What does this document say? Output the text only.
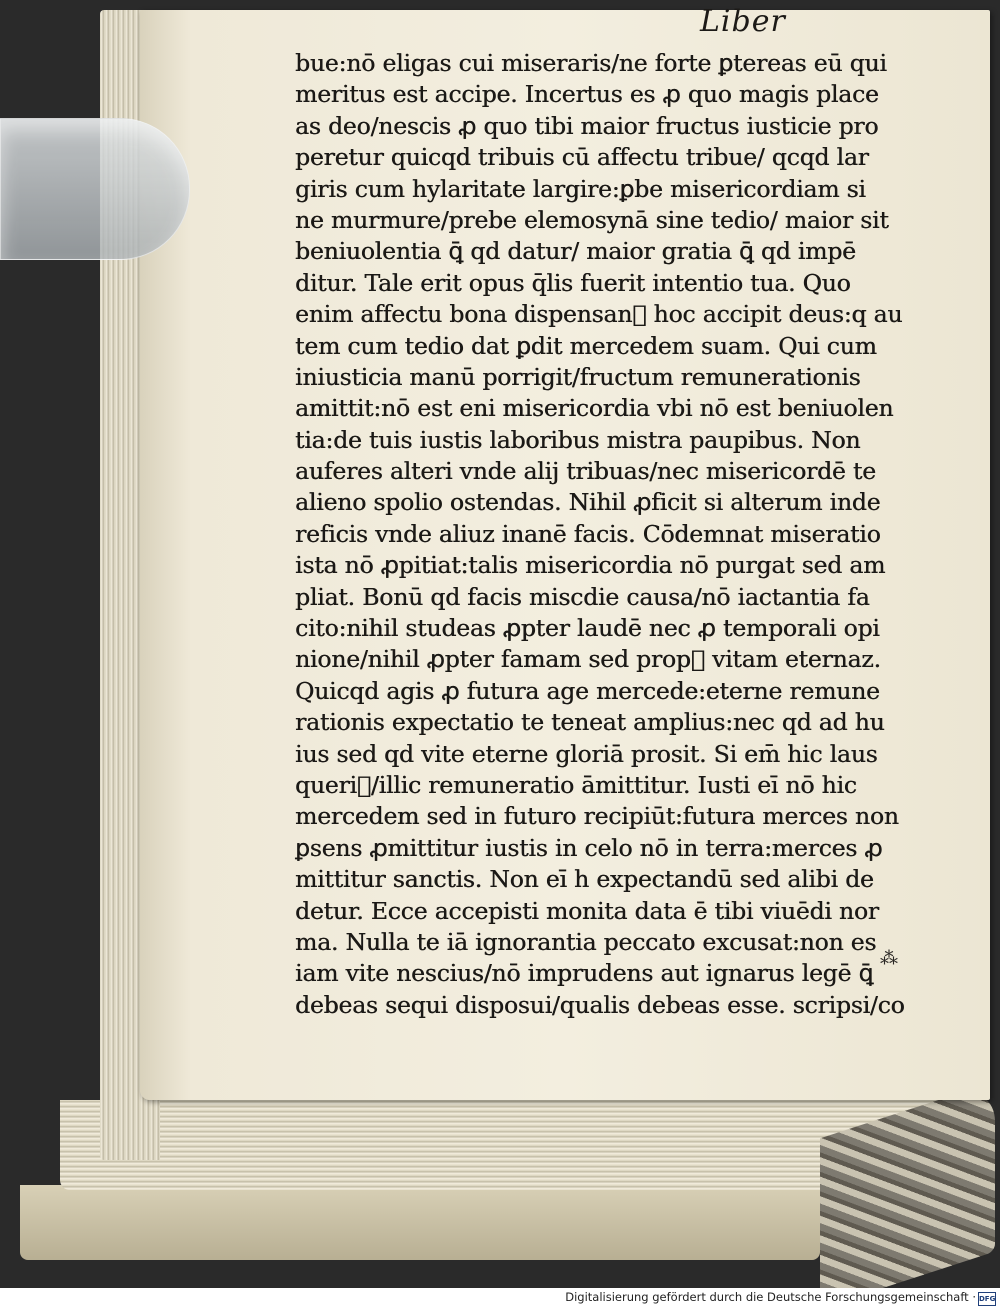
Liber
bue:nō eligas cui miseraris/ne forte ꝑtereas eū qui
meritus est accipe. Incertus es ꝓ quo magis place
as deo/nescis ꝓ quo tibi maior fructus iusticie pro
peretur quicqd tribuis cū affectu tribue/ qcqd lar
giris cum hylaritate largire:ꝑbe misericordiam si
ne murmure/prebe elemosynā sine tedio/ maior sit
beniuolentia ꝗ̄ qd datur/ maior gratia ꝗ̄ qd impē
ditur. Tale erit opus q̄lis fuerit intentio tua. Quo
enim affectu bona dispensanᷣ hoc accipit deus:q au
tem cum tedio dat ꝑdit mercedem suam. Qui cum
iniusticia manū porrigit/fructum remunerationis
amittit:nō est eni misericordia vbi nō est beniuolen
tia:de tuis iustis laboribus mistra paupibus. Non
auferes alteri vnde alij tribuas/nec misericordē te
alieno spolio ostendas. Nihil ꝓficit si alterum inde
reficis vnde aliuz inanē facis. Cōdemnat miseratio
ista nō ꝓpitiat:talis misericordia nō purgat sed am
pliat. Bonū qd facis miscdie causa/nō iactantia fa
cito:nihil studeas ꝓpter laudē nec ꝓ temporali opi
nione/nihil ꝓpter famam sed propᷣ vitam eternaz.
Quicqd agis ꝓ futura age mercede:eterne remune
rationis expectatio te teneat amplius:nec qd ad hu
ius sed qd vite eterne gloriā prosit. Si em̄ hic laus
queriᷣ/illic remuneratio āmittitur. Iusti eī nō hic
mercedem sed in futuro recipiūt:futura merces non
ꝑsens ꝓmittitur iustis in celo nō in terra:merces ꝓ
mittitur sanctis. Non eī h expectandū sed alibi de
detur. Ecce accepisti monita data ē tibi viuēdi nor
ma. Nulla te iā ignorantia peccato excusat:non es
iam vite nescius/nō imprudens aut ignarus legē ꝗ̄
debeas sequi disposui/qualis debeas esse. scripsi/co
⁂
Digitalisierung gefördert durch die Deutsche Forschungsgemeinschaft · DFG
